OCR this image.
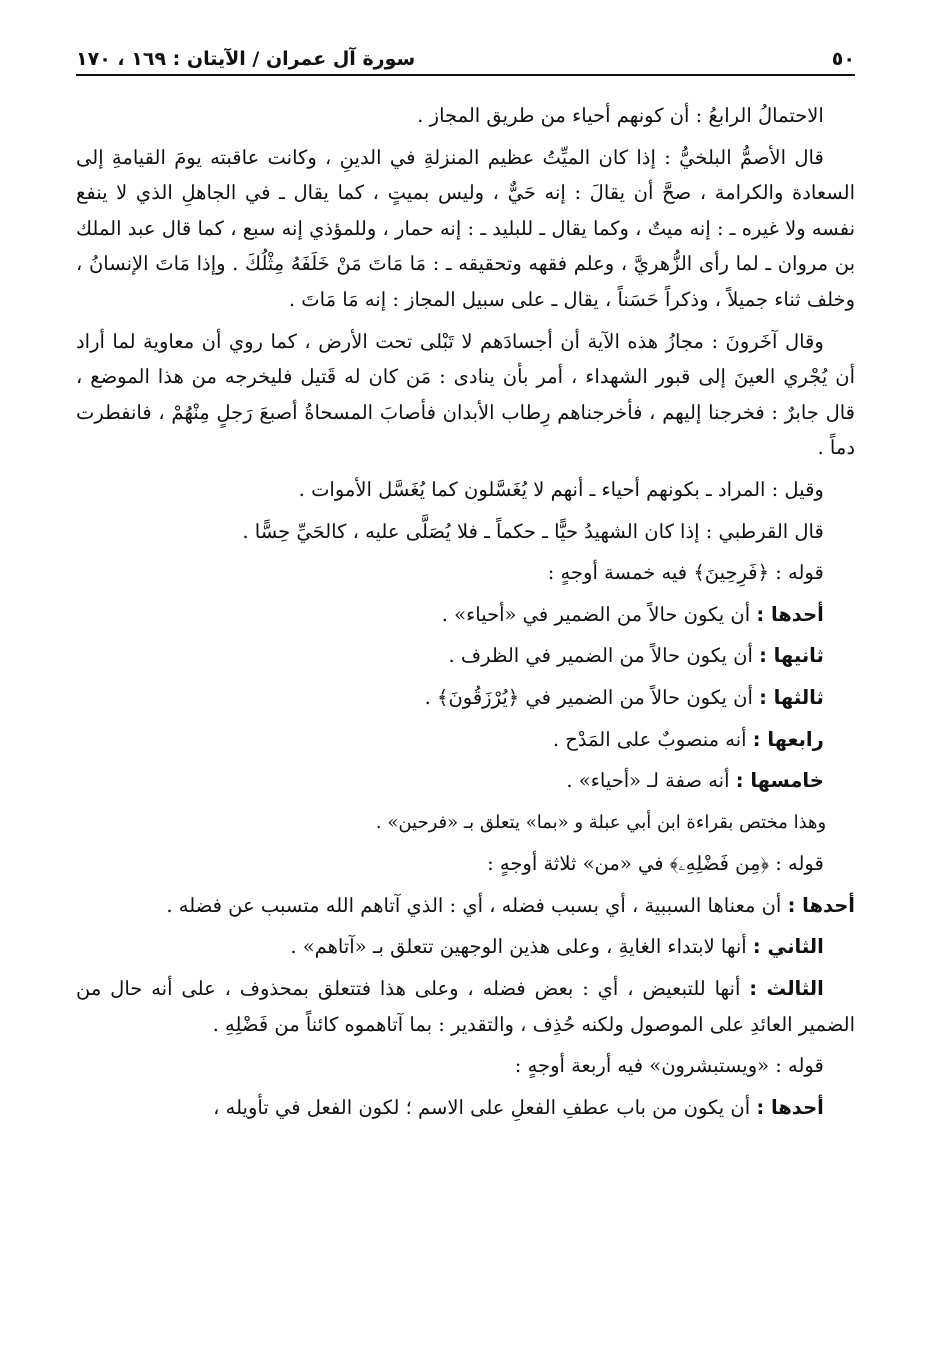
٥٠
سورة آل عمران / الآيتان : ١٦٩ ، ١٧٠

الاحتمالُ الرابعُ : أن كونهم أحياء من طريق المجاز .

قال الأصمُّ البلخيُّ : إذا كان الميِّتُ عظيم المنزلةِ في الدينِ ، وكانت عاقبته يومَ القيامةِ إلى السعادة والكرامة ، صحَّ أن يقالَ : إنه حَيٌّ ، وليس بميتٍ ، كما يقال ـ في الجاهلِ الذي لا ينفع نفسه ولا غيره ـ : إنه ميتٌ ، وكما يقال ـ للبليد ـ : إنه حمار ، وللمؤذي إنه سبع ، كما قال عبد الملك بن مروان ـ لما رأى الزُّهريَّ ، وعلم فقهه وتحقيقه ـ : مَا مَاتَ مَنْ خَلَفَهُ مِثْلُكَ . وإذا مَاتَ الإنسانُ ، وخلف ثناء جميلاً ، وذكراً حَسَناً ، يقال ـ على سبيل المجاز : إنه مَا مَاتَ .

وقال آخَرونَ : مجازُ هذه الآية أن أجسادَهم لا تَبْلى تحت الأرض ، كما روي أن معاوية لما أراد أن يُجْري العينَ إلى قبور الشهداء ، أمر بأن ينادى : مَن كان له قَتيل فليخرجه من هذا الموضع ، قال جابرٌ : فخرجنا إليهم ، فأخرجناهم رِطاب الأبدان فأصابَ المسحاةُ أصبعَ رَجلٍ مِنْهُمْ ، فانفطرت دماً .

وقيل : المراد ـ بكونهم أحياء ـ أنهم لا يُغَسَّلون كما يُغَسَّل الأموات .

قال القرطبي : إذا كان الشهيدُ حيًّا ـ حكماً ـ فلا يُصَلَّى عليه ، كالحَيِّ حِسًّا .

قوله : ﴿فَرِحِينَ﴾ فيه خمسة أوجهٍ :

أحدها : أن يكون حالاً من الضمير في «أحياء» .

ثانيها : أن يكون حالاً من الضمير في الظرف .

ثالثها : أن يكون حالاً من الضمير في ﴿يُرْزَقُونَ﴾ .

رابعها : أنه منصوبٌ على المَدْح .

خامسها : أنه صفة لـ «أحياء» .

وهذا مختص بقراءة ابن أبي عبلة و «بما» يتعلق بـ «فرحين» .

قوله : ﴿مِن فَضْلِهِۦ﴾ في «من» ثلاثة أوجهٍ :

أحدها : أن معناها السببية ، أي بسبب فضله ، أي : الذي آتاهم الله متسبب عن فضله .

الثاني : أنها لابتداء الغايةِ ، وعلى هذين الوجهين تتعلق بـ «آتاهم» .

الثالث : أنها للتبعيض ، أي : بعض فضله ، وعلى هذا فتتعلق بمحذوف ، على أنه حال من الضمير العائدِ على الموصول ولكنه حُذِف ، والتقدير : بما آتاهموه كائناً من فَضْلِهِ .

قوله : «ويستبشرون» فيه أربعة أوجهٍ :

أحدها : أن يكون من باب عطفِ الفعلِ على الاسم ؛ لكون الفعل في تأويله ،
